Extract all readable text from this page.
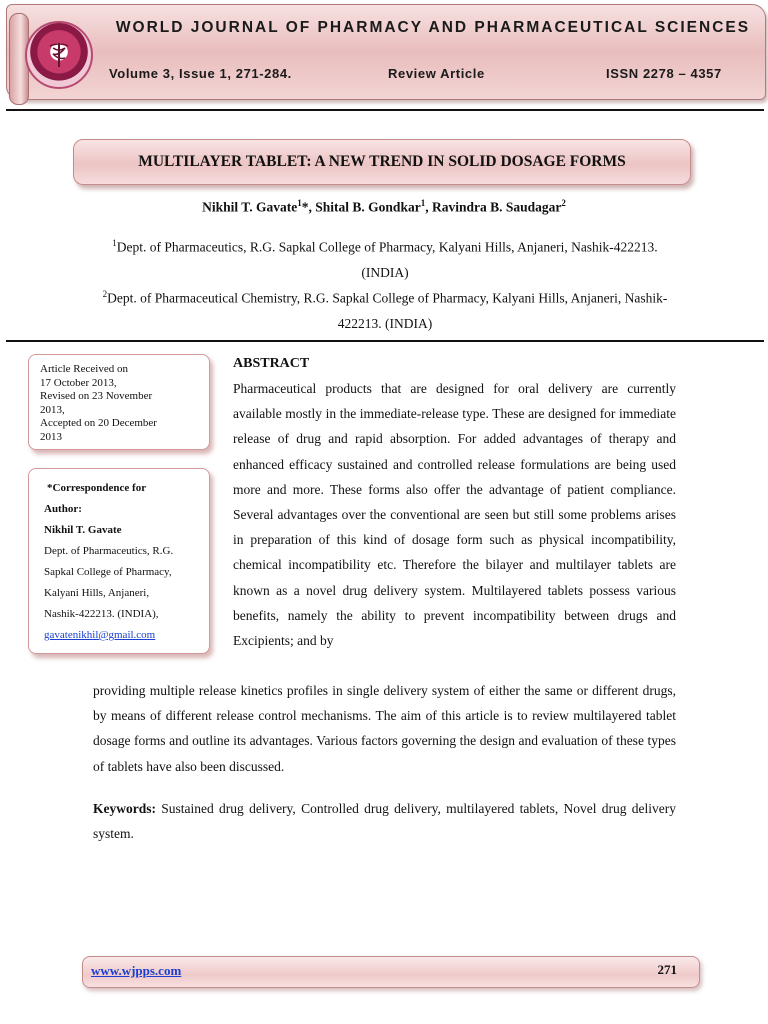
WORLD JOURNAL OF PHARMACY AND PHARMACEUTICAL SCIENCES
Volume 3, Issue 1, 271-284.	Review Article	ISSN 2278 – 4357
MULTILAYER TABLET: A NEW TREND IN SOLID DOSAGE FORMS
Nikhil T. Gavate$^1$*, Shital B. Gondkar$^1$, Ravindra B. Saudagar$^2$
$^1$Dept. of Pharmaceutics, R.G. Sapkal College of Pharmacy, Kalyani Hills, Anjaneri, Nashik-422213. (INDIA)
$^2$Dept. of Pharmaceutical Chemistry, R.G. Sapkal College of Pharmacy, Kalyani Hills, Anjaneri, Nashik-422213. (INDIA)
Article Received on
17 October 2013,
Revised on 23 November
2013,
Accepted on 20 December
2013
*Correspondence for
Author:
Nikhil T. Gavate
Dept. of Pharmaceutics, R.G.
Sapkal College of Pharmacy,
Kalyani Hills, Anjaneri,
Nashik-422213. (INDIA),
gavatenikhil@gmail.com
ABSTRACT
Pharmaceutical products that are designed for oral delivery are currently available mostly in the immediate-release type. These are designed for immediate release of drug and rapid absorption. For added advantages of therapy and enhanced efficacy sustained and controlled release formulations are being used more and more. These forms also offer the advantage of patient compliance. Several advantages over the conventional are seen but still some problems arises in preparation of this kind of dosage form such as physical incompatibility, chemical incompatibility etc. Therefore the bilayer and multilayer tablets are known as a novel drug delivery system. Multilayered tablets possess various benefits, namely the ability to prevent incompatibility between drugs and Excipients; and by
providing multiple release kinetics profiles in single delivery system of either the same or different drugs, by means of different release control mechanisms. The aim of this article is to review multilayered tablet dosage forms and outline its advantages. Various factors governing the design and evaluation of these types of tablets have also been discussed.
Keywords: Sustained drug delivery, Controlled drug delivery, multilayered tablets, Novel drug delivery system.
www.wjpps.com	271
